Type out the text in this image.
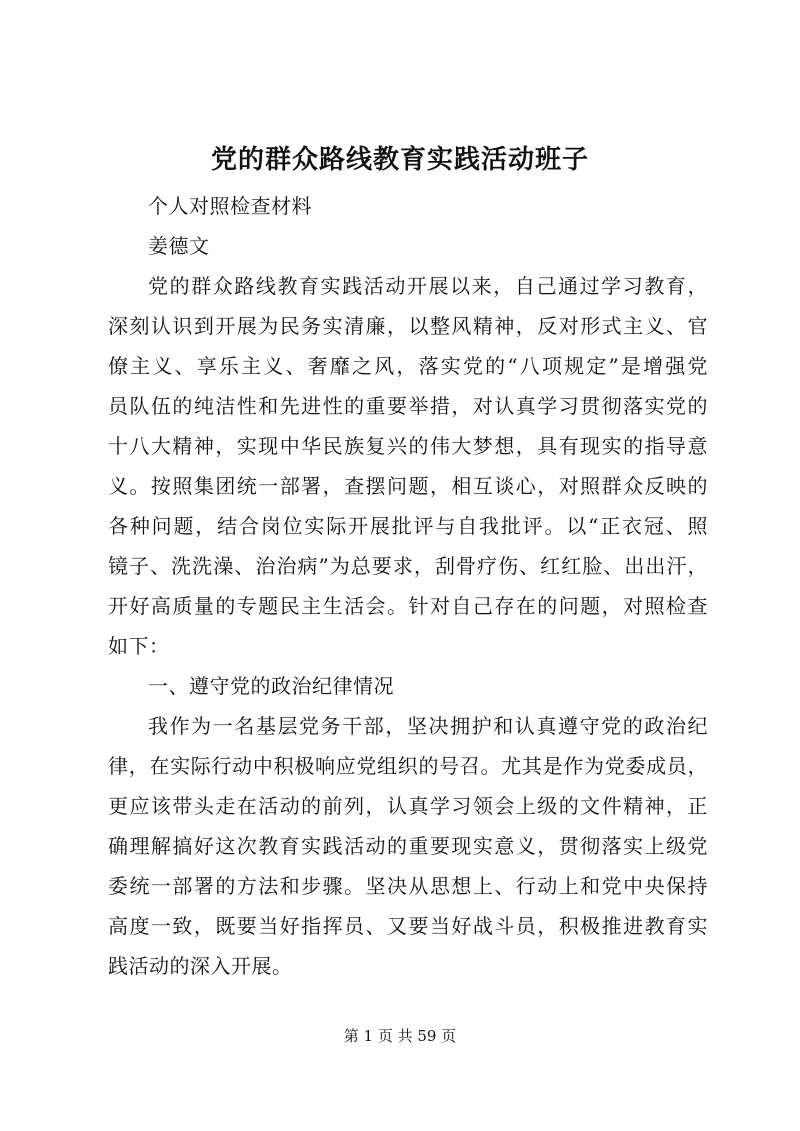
党的群众路线教育实践活动班子
个人对照检查材料
姜德文
党的群众路线教育实践活动开展以来，自己通过学习教育，
深刻认识到开展为民务实清廉，以整风精神，反对形式主义、官
僚主义、享乐主义、奢靡之风，落实党的“八项规定”是增强党
员队伍的纯洁性和先进性的重要举措，对认真学习贯彻落实党的
十八大精神，实现中华民族复兴的伟大梦想，具有现实的指导意
义。按照集团统一部署，查摆问题，相互谈心，对照群众反映的
各种问题，结合岗位实际开展批评与自我批评。以“正衣冠、照
镜子、洗洗澡、治治病”为总要求，刮骨疗伤、红红脸、出出汗，
开好高质量的专题民主生活会。针对自己存在的问题，对照检查
如下：
一、遵守党的政治纪律情况
我作为一名基层党务干部，坚决拥护和认真遵守党的政治纪
律，在实际行动中积极响应党组织的号召。尤其是作为党委成员，
更应该带头走在活动的前列，认真学习领会上级的文件精神，正
确理解搞好这次教育实践活动的重要现实意义，贯彻落实上级党
委统一部署的方法和步骤。坚决从思想上、行动上和党中央保持
高度一致，既要当好指挥员、又要当好战斗员，积极推进教育实
践活动的深入开展。
第 1 页 共 59 页
